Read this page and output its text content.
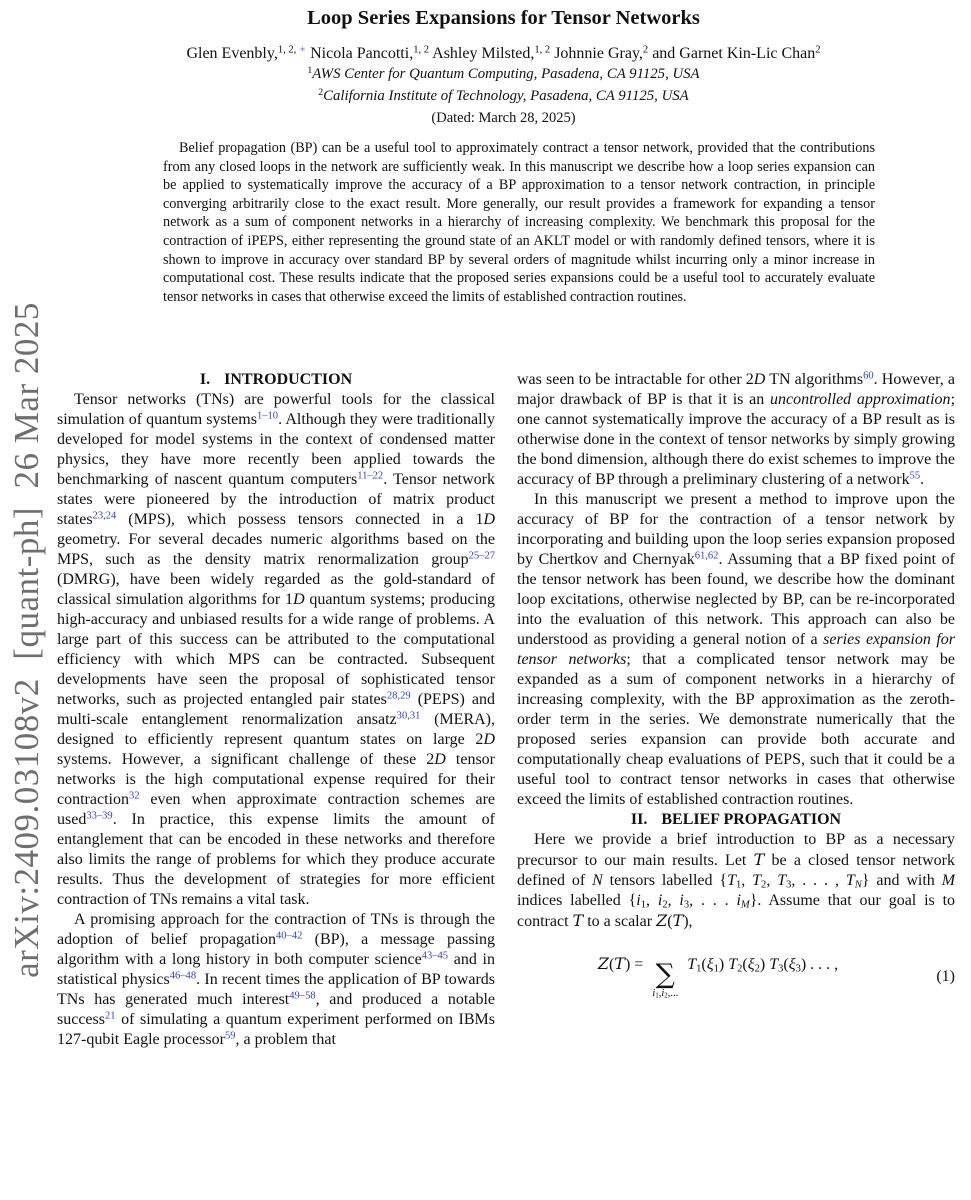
arXiv:2409.03108v2  [quant-ph]  26 Mar 2025
Loop Series Expansions for Tensor Networks
Glen Evenbly,$^{1, 2,}$ ∗ Nicola Pancotti,$^{1, 2}$ Ashley Milsted,$^{1, 2}$ Johnnie Gray,$^2$ and Garnet Kin-Lic Chan$^2$
$^1$AWS Center for Quantum Computing, Pasadena, CA 91125, USA
$^2$California Institute of Technology, Pasadena, CA 91125, USA
(Dated: March 28, 2025)
Belief propagation (BP) can be a useful tool to approximately contract a tensor network, provided that the contributions from any closed loops in the network are sufficiently weak. In this manuscript we describe how a loop series expansion can be applied to systematically improve the accuracy of a BP approximation to a tensor network contraction, in principle converging arbitrarily close to the exact result. More generally, our result provides a framework for expanding a tensor network as a sum of component networks in a hierarchy of increasing complexity. We benchmark this proposal for the contraction of iPEPS, either representing the ground state of an AKLT model or with randomly defined tensors, where it is shown to improve in accuracy over standard BP by several orders of magnitude whilst incurring only a minor increase in computational cost. These results indicate that the proposed series expansions could be a useful tool to accurately evaluate tensor networks in cases that otherwise exceed the limits of established contraction routines.

I. INTRODUCTION

Tensor networks (TNs) are powerful tools for the classical simulation of quantum systems$^{1-10}$. Although they were traditionally developed for model systems in the context of condensed matter physics, they have more recently been applied towards the benchmarking of nascent quantum computers$^{11-22}$. Tensor network states were pioneered by the introduction of matrix product states$^{23,24}$ (MPS), which possess tensors connected in a 1D geometry. For several decades numeric algorithms based on the MPS, such as the density matrix renormalization group$^{25-27}$ (DMRG), have been widely regarded as the gold-standard of classical simulation algorithms for 1D quantum systems; producing high-accuracy and unbiased results for a wide range of problems. A large part of this success can be attributed to the computational efficiency with which MPS can be contracted. Subsequent developments have seen the proposal of sophisticated tensor networks, such as projected entangled pair states$^{28,29}$ (PEPS) and multi-scale entanglement renormalization ansatz$^{30,31}$ (MERA), designed to efficiently represent quantum states on large 2D systems. However, a significant challenge of these 2D tensor networks is the high computational expense required for their contraction$^{32}$ even when approximate contraction schemes are used$^{33-39}$. In practice, this expense limits the amount of entanglement that can be encoded in these networks and therefore also limits the range of problems for which they produce accurate results. Thus the development of strategies for more efficient contraction of TNs remains a vital task.

A promising approach for the contraction of TNs is through the adoption of belief propagation$^{40-42}$ (BP), a message passing algorithm with a long history in both computer science$^{43-45}$ and in statistical physics$^{46-48}$. In recent times the application of BP towards TNs has generated much interest$^{49-58}$, and produced a notable success$^{21}$ of simulating a quantum experiment performed on IBMs 127-qubit Eagle processor$^{59}$, a problem that

was seen to be intractable for other 2D TN algorithms$^{60}$. However, a major drawback of BP is that it is an uncontrolled approximation; one cannot systematically improve the accuracy of a BP result as is otherwise done in the context of tensor networks by simply growing the bond dimension, although there do exist schemes to improve the accuracy of BP through a preliminary clustering of a network$^{55}$.

In this manuscript we present a method to improve upon the accuracy of BP for the contraction of a tensor network by incorporating and building upon the loop series expansion proposed by Chertkov and Chernyak$^{61,62}$. Assuming that a BP fixed point of the tensor network has been found, we describe how the dominant loop excitations, otherwise neglected by BP, can be re-incorporated into the evaluation of this network. This approach can also be understood as providing a general notion of a series expansion for tensor networks; that a complicated tensor network may be expanded as a sum of component networks in a hierarchy of increasing complexity, with the BP approximation as the zeroth-order term in the series. We demonstrate numerically that the proposed series expansion can provide both accurate and computationally cheap evaluations of PEPS, such that it could be a useful tool to contract tensor networks in cases that otherwise exceed the limits of established contraction routines.

II. BELIEF PROPAGATION

Here we provide a brief introduction to BP as a necessary precursor to our main results. Let T be a closed tensor network defined of N tensors labelled {T1, T2, T3, . . . , TN} and with M indices labelled {i1, i2, i3, . . . iM}. Assume that our goal is to contract T to a scalar Z(T),

Z(T) = ∑
i1,i2,...
T1(ξ1) T2(ξ2) T3(ξ3) . . . ,
(1)
